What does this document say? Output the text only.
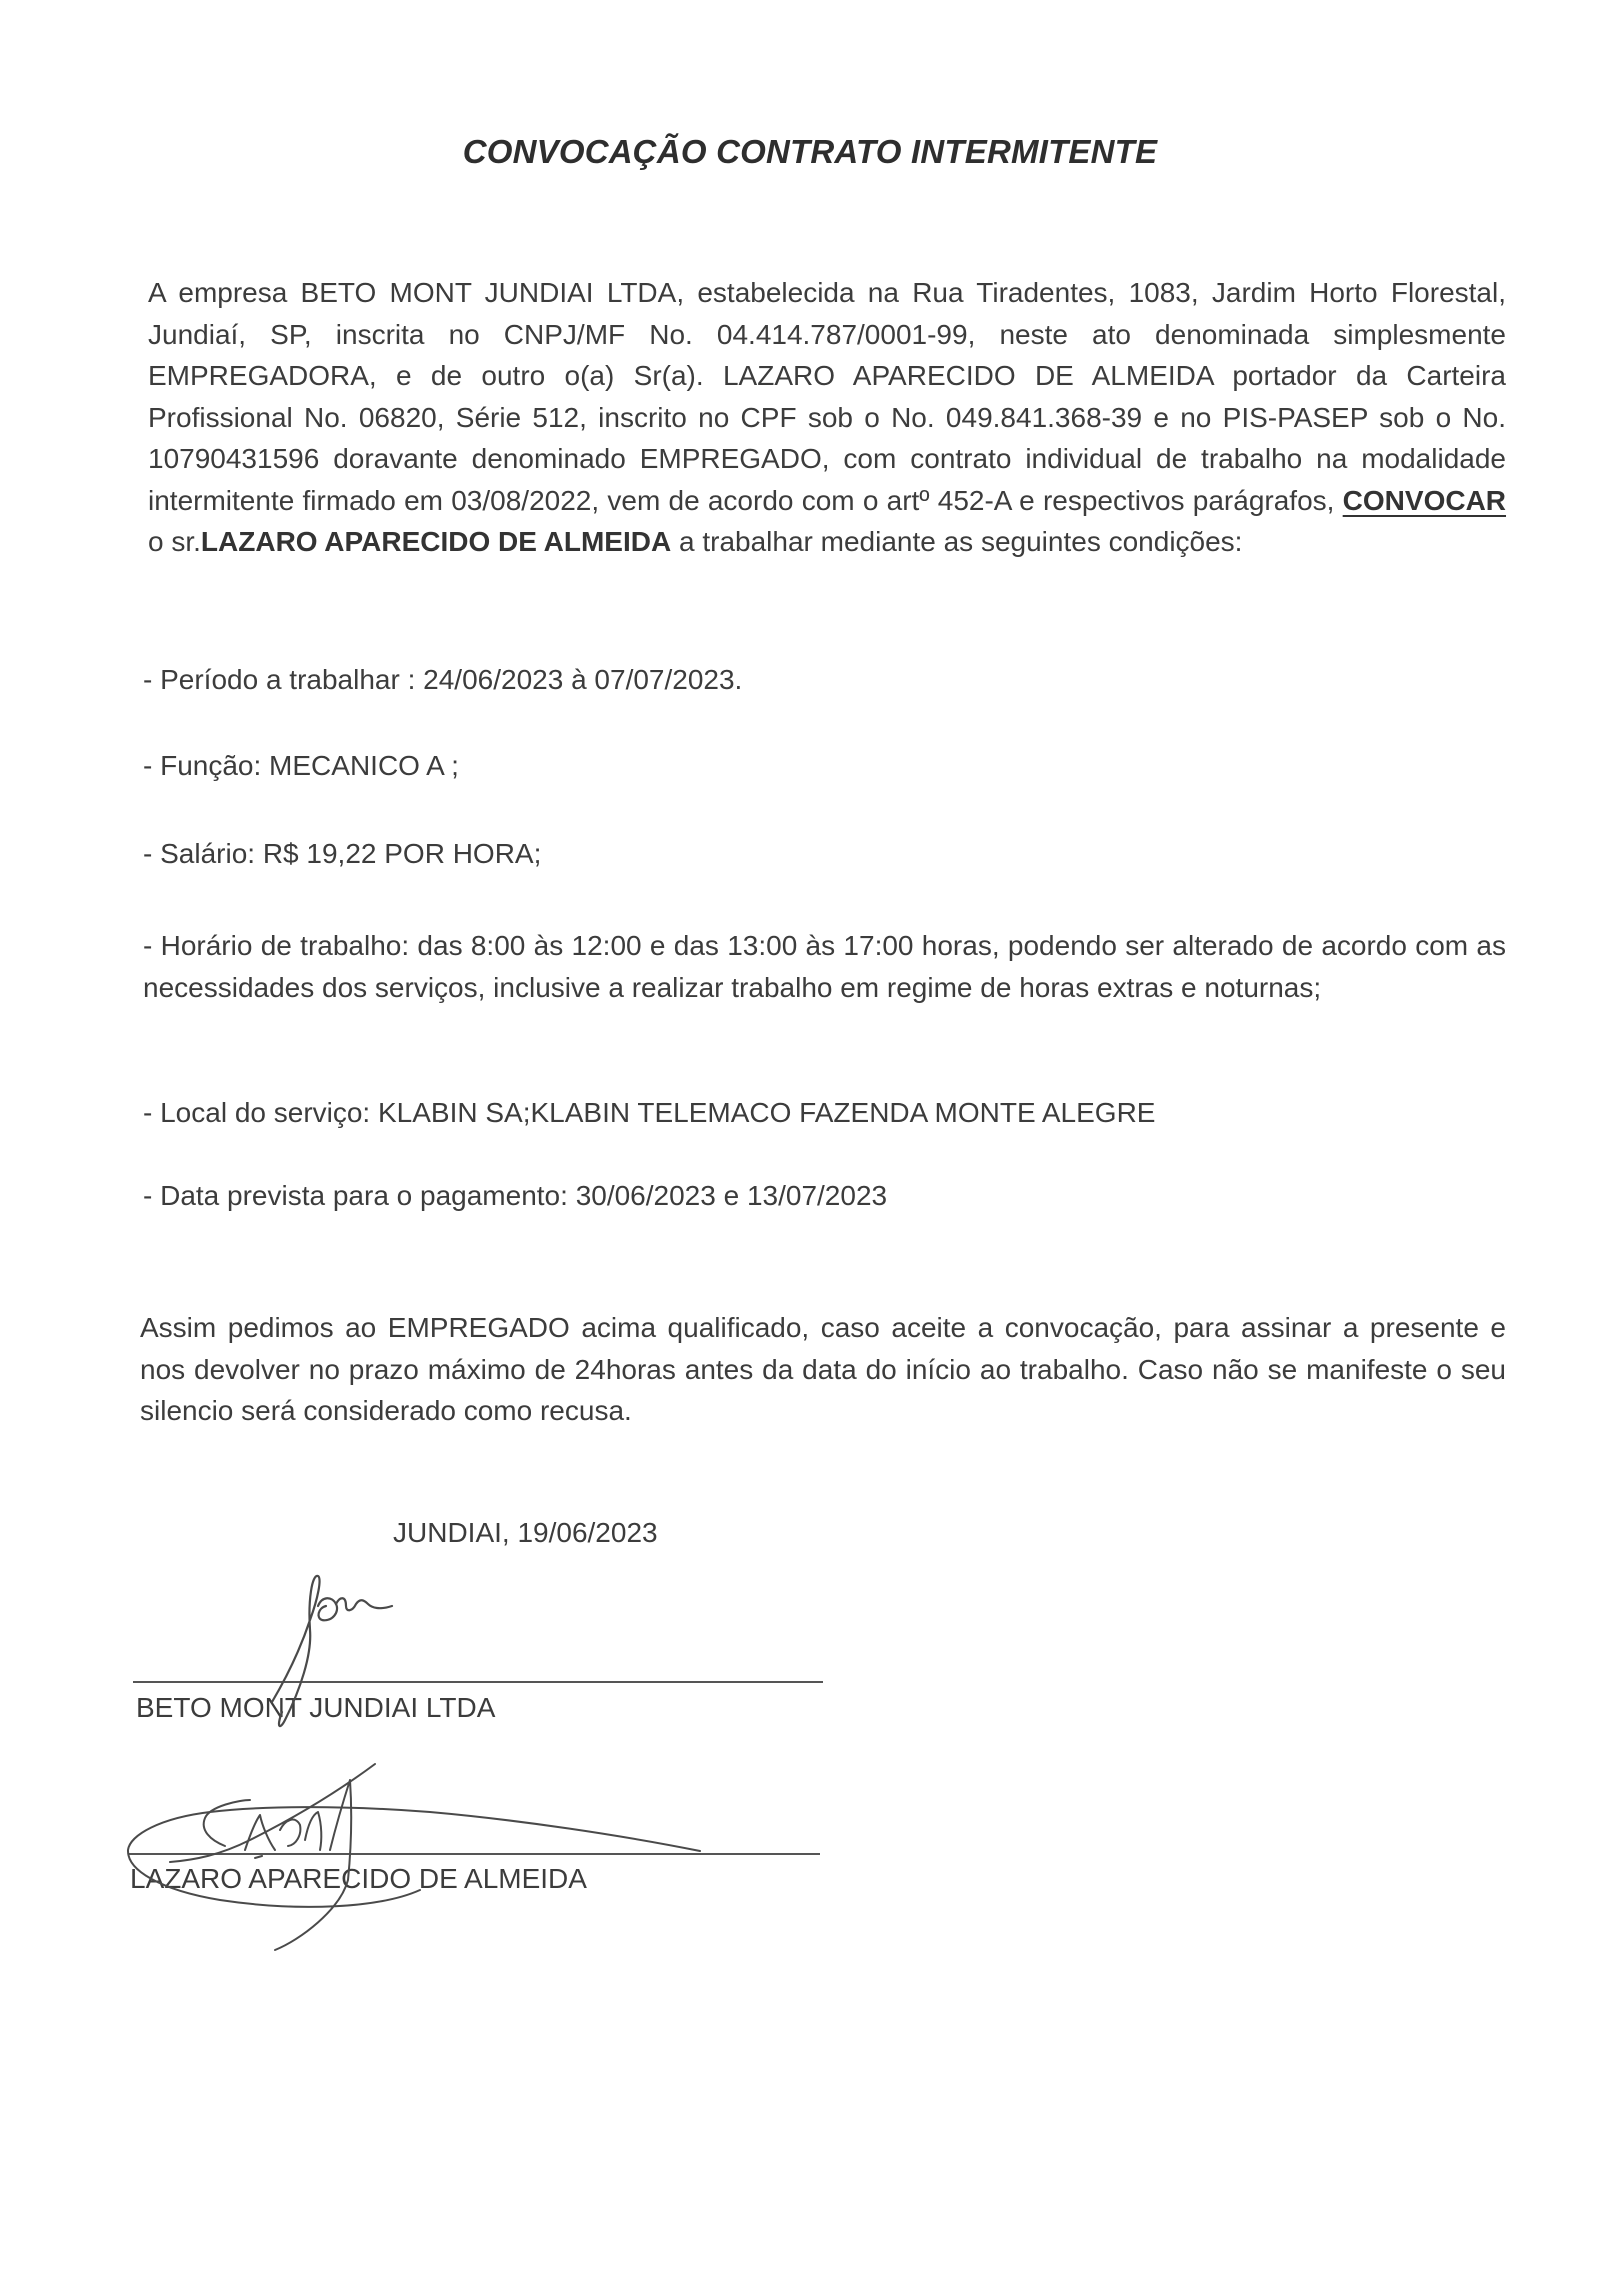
CONVOCAÇÃO CONTRATO INTERMITENTE
A empresa BETO MONT JUNDIAI LTDA, estabelecida na Rua Tiradentes, 1083, Jardim Horto Florestal, Jundiaí, SP, inscrita no CNPJ/MF No. 04.414.787/0001-99, neste ato denominada simplesmente EMPREGADORA, e de outro o(a) Sr(a). LAZARO APARECIDO DE ALMEIDA portador da Carteira Profissional No. 06820, Série 512, inscrito no CPF sob o No. 049.841.368-39 e no PIS-PASEP sob o No. 10790431596 doravante denominado EMPREGADO, com contrato individual de trabalho na modalidade intermitente firmado em 03/08/2022, vem de acordo com o artº 452-A e respectivos parágrafos, CONVOCAR o sr.LAZARO APARECIDO DE ALMEIDA a trabalhar mediante as seguintes condições:
- Período a trabalhar : 24/06/2023 à 07/07/2023.
- Função: MECANICO A ;
- Salário: R$ 19,22 POR HORA;
- Horário de trabalho: das 8:00 às 12:00 e das 13:00 às 17:00 horas, podendo ser alterado de acordo com as necessidades dos serviços, inclusive a realizar trabalho em regime de horas extras e noturnas;
- Local do serviço: KLABIN SA;KLABIN TELEMACO FAZENDA MONTE ALEGRE
- Data prevista para o pagamento: 30/06/2023 e 13/07/2023
Assim pedimos ao EMPREGADO acima qualificado, caso aceite a convocação, para assinar a presente e nos devolver no prazo máximo de 24horas antes da data do início ao trabalho. Caso não se manifeste o seu silencio será considerado como recusa.
JUNDIAI, 19/06/2023
BETO MONT JUNDIAI LTDA
LAZARO APARECIDO DE ALMEIDA
